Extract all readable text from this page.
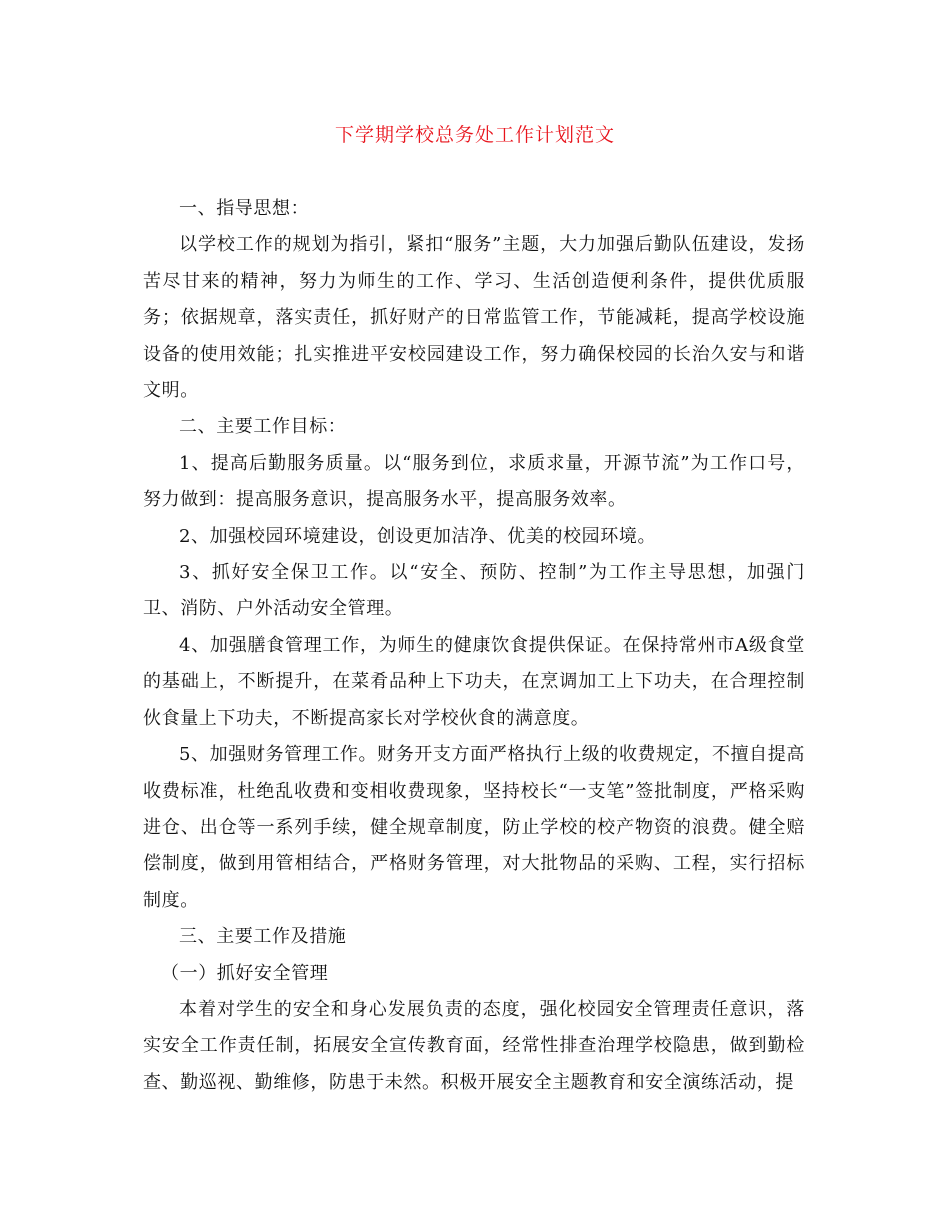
下学期学校总务处工作计划范文

一、指导思想：

以学校工作的规划为指引，紧扣“服务”主题，大力加强后勤队伍建设，发扬苦尽甘来的精神，努力为师生的工作、学习、生活创造便利条件，提供优质服务；依据规章，落实责任，抓好财产的日常监管工作，节能减耗，提高学校设施设备的使用效能；扎实推进平安校园建设工作，努力确保校园的长治久安与和谐文明。

二、主要工作目标：

1、提高后勤服务质量。以“服务到位，求质求量，开源节流”为工作口号，努力做到：提高服务意识，提高服务水平，提高服务效率。

2、加强校园环境建设，创设更加洁净、优美的校园环境。

3、抓好安全保卫工作。以“安全、预防、控制”为工作主导思想，加强门卫、消防、户外活动安全管理。

4、加强膳食管理工作，为师生的健康饮食提供保证。在保持常州市A级食堂的基础上，不断提升，在菜肴品种上下功夫，在烹调加工上下功夫，在合理控制伙食量上下功夫，不断提高家长对学校伙食的满意度。

5、加强财务管理工作。财务开支方面严格执行上级的收费规定，不擅自提高收费标准，杜绝乱收费和变相收费现象，坚持校长“一支笔”签批制度，严格采购进仓、出仓等一系列手续，健全规章制度，防止学校的校产物资的浪费。健全赔偿制度，做到用管相结合，严格财务管理，对大批物品的采购、工程，实行招标制度。

三、主要工作及措施

（一）抓好安全管理

本着对学生的安全和身心发展负责的态度，强化校园安全管理责任意识，落实安全工作责任制，拓展安全宣传教育面，经常性排查治理学校隐患，做到勤检查、勤巡视、勤维修，防患于未然。积极开展安全主题教育和安全演练活动，提
